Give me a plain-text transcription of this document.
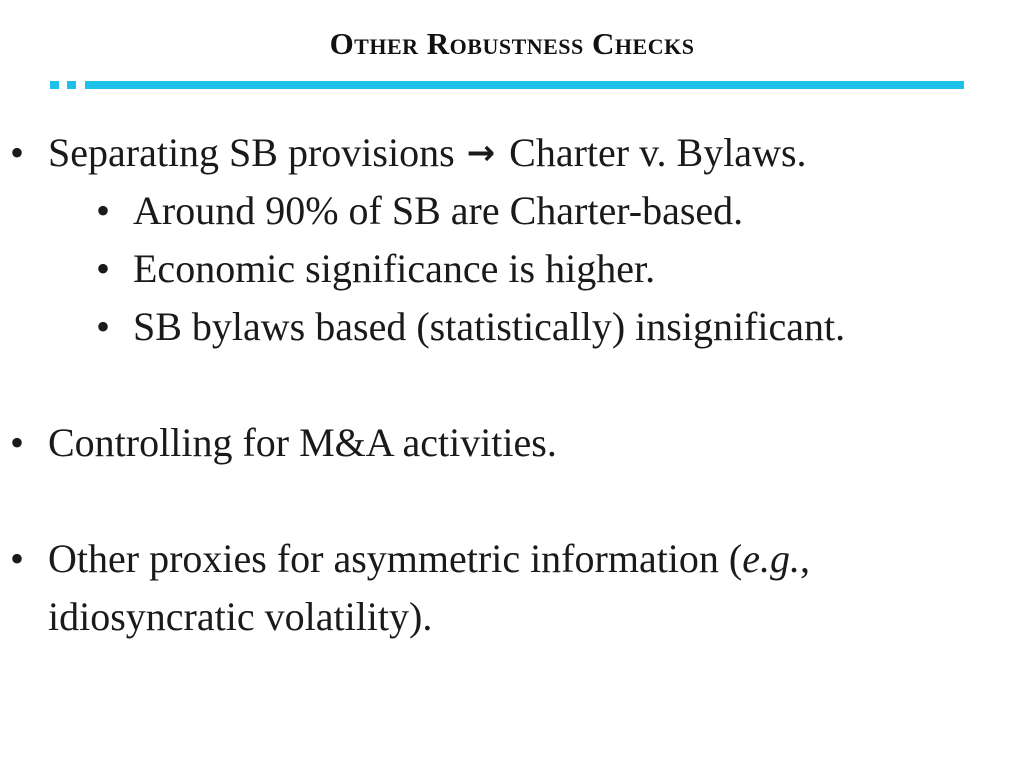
Other Robustness Checks
• Separating SB provisions → Charter v. Bylaws.
• Around 90% of SB are Charter-based.
• Economic significance is higher.
• SB bylaws based (statistically) insignificant.
• Controlling for M&A activities.
• Other proxies for asymmetric information (e.g.,
idiosyncratic volatility).
